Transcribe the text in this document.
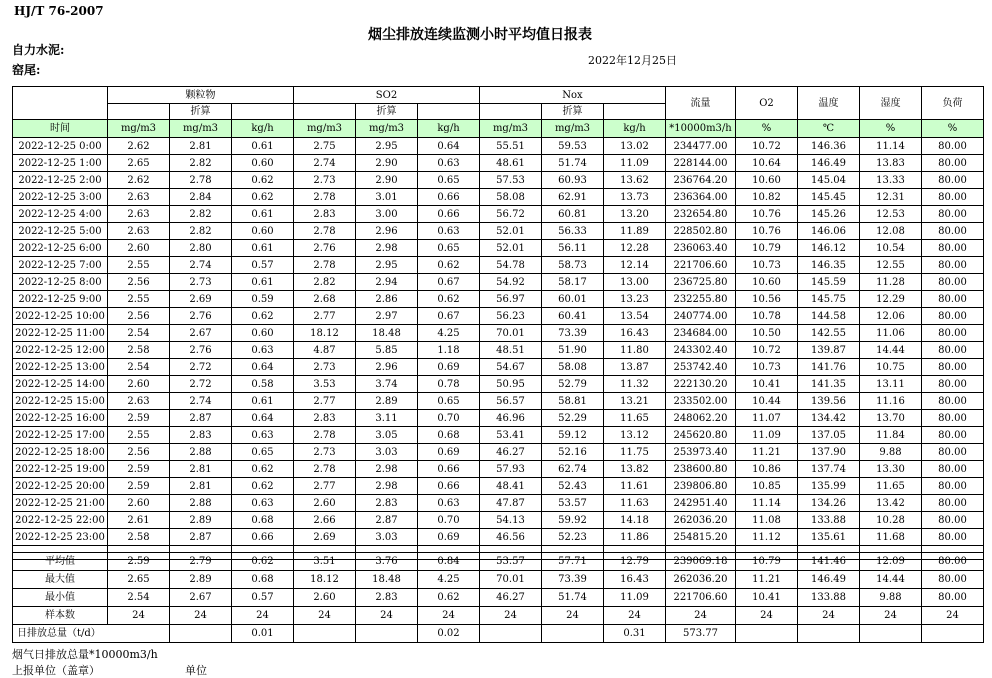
HJ/T 76-2007
烟尘排放连续监测小时平均值日报表
自力水泥:
窑尾:
2022年12月25日
	颗粒物			SO2			Nox			流量	O2	温度	湿度	负荷
		折算			折算			折算						
时间	mg/m3	mg/m3	kg/h	mg/m3	mg/m3	kg/h	mg/m3	mg/m3	kg/h	*10000m3/h	%	℃	%	%
2022-12-25 0:00	2.62	2.81	0.61	2.75	2.95	0.64	55.51	59.53	13.02	234477.00	10.72	146.36	11.14	80.00
2022-12-25 1:00	2.65	2.82	0.60	2.74	2.90	0.63	48.61	51.74	11.09	228144.00	10.64	146.49	13.83	80.00
2022-12-25 2:00	2.62	2.78	0.62	2.73	2.90	0.65	57.53	60.93	13.62	236764.20	10.60	145.04	13.33	80.00
2022-12-25 3:00	2.63	2.84	0.62	2.78	3.01	0.66	58.08	62.91	13.73	236364.00	10.82	145.45	12.31	80.00
2022-12-25 4:00	2.63	2.82	0.61	2.83	3.00	0.66	56.72	60.81	13.20	232654.80	10.76	145.26	12.53	80.00
2022-12-25 5:00	2.63	2.82	0.60	2.78	2.96	0.63	52.01	56.33	11.89	228502.80	10.76	146.06	12.08	80.00
2022-12-25 6:00	2.60	2.80	0.61	2.76	2.98	0.65	52.01	56.11	12.28	236063.40	10.79	146.12	10.54	80.00
2022-12-25 7:00	2.55	2.74	0.57	2.78	2.95	0.62	54.78	58.73	12.14	221706.60	10.73	146.35	12.55	80.00
2022-12-25 8:00	2.56	2.73	0.61	2.82	2.94	0.67	54.92	58.17	13.00	236725.80	10.60	145.59	11.28	80.00
2022-12-25 9:00	2.55	2.69	0.59	2.68	2.86	0.62	56.97	60.01	13.23	232255.80	10.56	145.75	12.29	80.00
2022-12-25 10:00	2.56	2.76	0.62	2.77	2.97	0.67	56.23	60.41	13.54	240774.00	10.78	144.58	12.06	80.00
2022-12-25 11:00	2.54	2.67	0.60	18.12	18.48	4.25	70.01	73.39	16.43	234684.00	10.50	142.55	11.06	80.00
2022-12-25 12:00	2.58	2.76	0.63	4.87	5.85	1.18	48.51	51.90	11.80	243302.40	10.72	139.87	14.44	80.00
2022-12-25 13:00	2.54	2.72	0.64	2.73	2.96	0.69	54.67	58.08	13.87	253742.40	10.73	141.76	10.75	80.00
2022-12-25 14:00	2.60	2.72	0.58	3.53	3.74	0.78	50.95	52.79	11.32	222130.20	10.41	141.35	13.11	80.00
2022-12-25 15:00	2.63	2.74	0.61	2.77	2.89	0.65	56.57	58.81	13.21	233502.00	10.44	139.56	11.16	80.00
2022-12-25 16:00	2.59	2.87	0.64	2.83	3.11	0.70	46.96	52.29	11.65	248062.20	11.07	134.42	13.70	80.00
2022-12-25 17:00	2.55	2.83	0.63	2.78	3.05	0.68	53.41	59.12	13.12	245620.80	11.09	137.05	11.84	80.00
2022-12-25 18:00	2.56	2.88	0.65	2.73	3.03	0.69	46.27	52.16	11.75	253973.40	11.21	137.90	9.88	80.00
2022-12-25 19:00	2.59	2.81	0.62	2.78	2.98	0.66	57.93	62.74	13.82	238600.80	10.86	137.74	13.30	80.00
2022-12-25 20:00	2.59	2.81	0.62	2.77	2.98	0.66	48.41	52.43	11.61	239806.80	10.85	135.99	11.65	80.00
2022-12-25 21:00	2.60	2.88	0.63	2.60	2.83	0.63	47.87	53.57	11.63	242951.40	11.14	134.26	13.42	80.00
2022-12-25 22:00	2.61	2.89	0.68	2.66	2.87	0.70	54.13	59.92	14.18	262036.20	11.08	133.88	10.28	80.00
2022-12-25 23:00	2.58	2.87	0.66	2.69	3.03	0.69	46.56	52.23	11.86	254815.20	11.12	135.61	11.68	80.00

平均值	2.59	2.79	0.62	3.51	3.76	0.84	53.57	57.71	12.79	239069.18	10.79	141.46	12.09	80.00
最大值	2.65	2.89	0.68	18.12	18.48	4.25	70.01	73.39	16.43	262036.20	11.21	146.49	14.44	80.00
最小值	2.54	2.67	0.57	2.60	2.83	0.62	46.27	51.74	11.09	221706.60	10.41	133.88	9.88	80.00
样本数	24	24	24	24	24	24	24	24	24	24	24	24	24	24
日排放总量（t/d）			0.01			0.02			0.31	573.77				
烟气日排放总量*10000m3/h
上报单位（盖章）	单位
